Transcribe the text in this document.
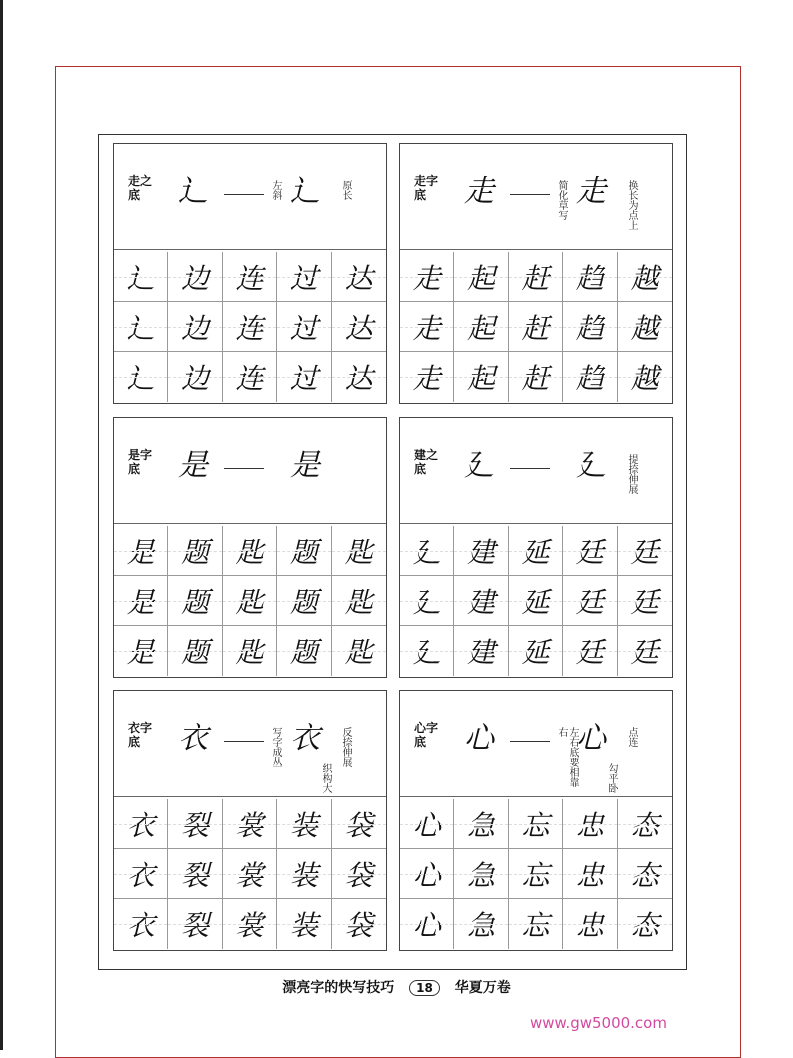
走之底	辶	左斜 辶 原长
辶 边 连 过 达
辶 边 连 过 达
辶 边 连 过 达
走字底	走	简化草写 走 换长为点上
走 起 赶 趋 越
走 起 赶 趋 越
走 起 赶 趋 越
是字底	是	是
是 题 匙 题 匙
是 题 匙 题 匙
是 题 匙 题 匙
建之底	廴	廴 提捺伸展
廴 建 延 廷 廷
廴 建 延 廷 廷
廴 建 延 廷 廷
衣字底	衣	写字成丛 衣 反捺伸展
织构大
衣 裂 裳 装 袋
衣 裂 裳 装 袋
衣 裂 裳 装 袋
心字底	心	左右底要相靠右 心 点连
勾平卧
心 急 忘 忠 态
心 急 忘 忠 态
心 急 忘 忠 态
漂亮字的快写技巧 18 华夏万卷
www.gw5000.com
